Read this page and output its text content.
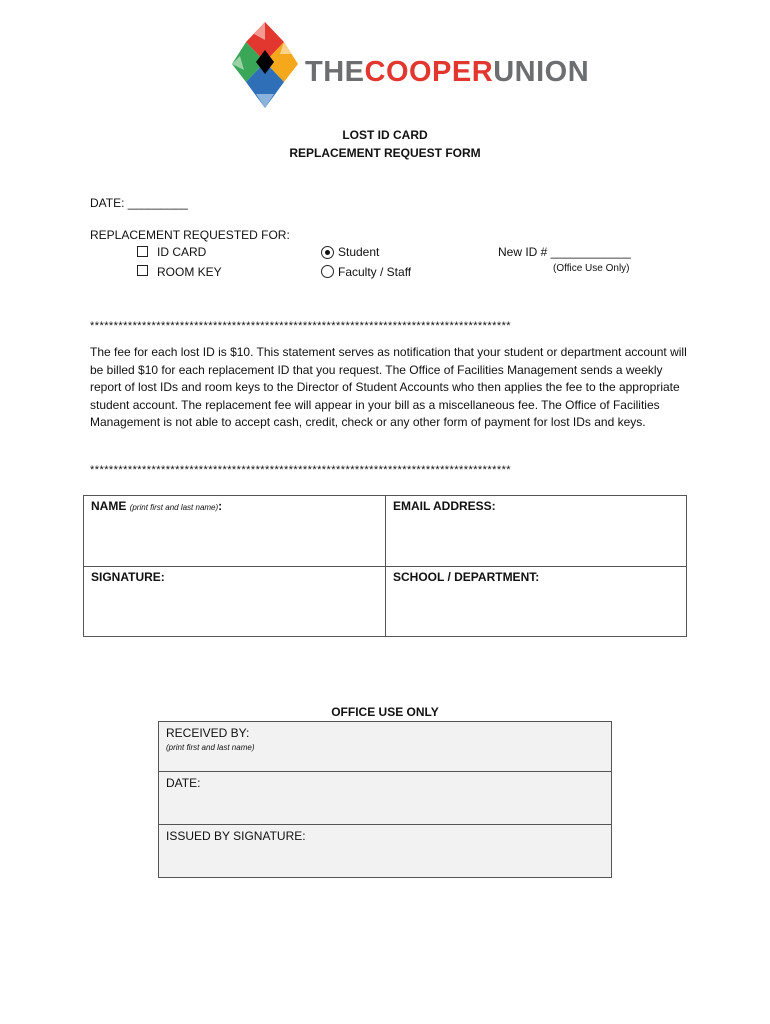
THECOOPERUNION
LOST ID CARD
REPLACEMENT REQUEST FORM
DATE: _________
REPLACEMENT REQUESTED FOR:
ID CARD
ROOM KEY
Student
Faculty / Staff
New ID # ____________
(Office Use Only)
*****************************************************************************************
The fee for each lost ID is $10. This statement serves as notification that your student or department account will be billed $10 for each replacement ID that you request. The Office of Facilities Management sends a weekly report of lost IDs and room keys to the Director of Student Accounts who then applies the fee to the appropriate student account. The replacement fee will appear in your bill as a miscellaneous fee. The Office of Facilities Management is not able to accept cash, credit, check or any other form of payment for lost IDs and keys.
*****************************************************************************************
NAME (print first and last name):	EMAIL ADDRESS:
SIGNATURE:	SCHOOL / DEPARTMENT:
OFFICE USE ONLY
RECEIVED BY:
(print first and last name)

DATE:
ISSUED BY SIGNATURE:
